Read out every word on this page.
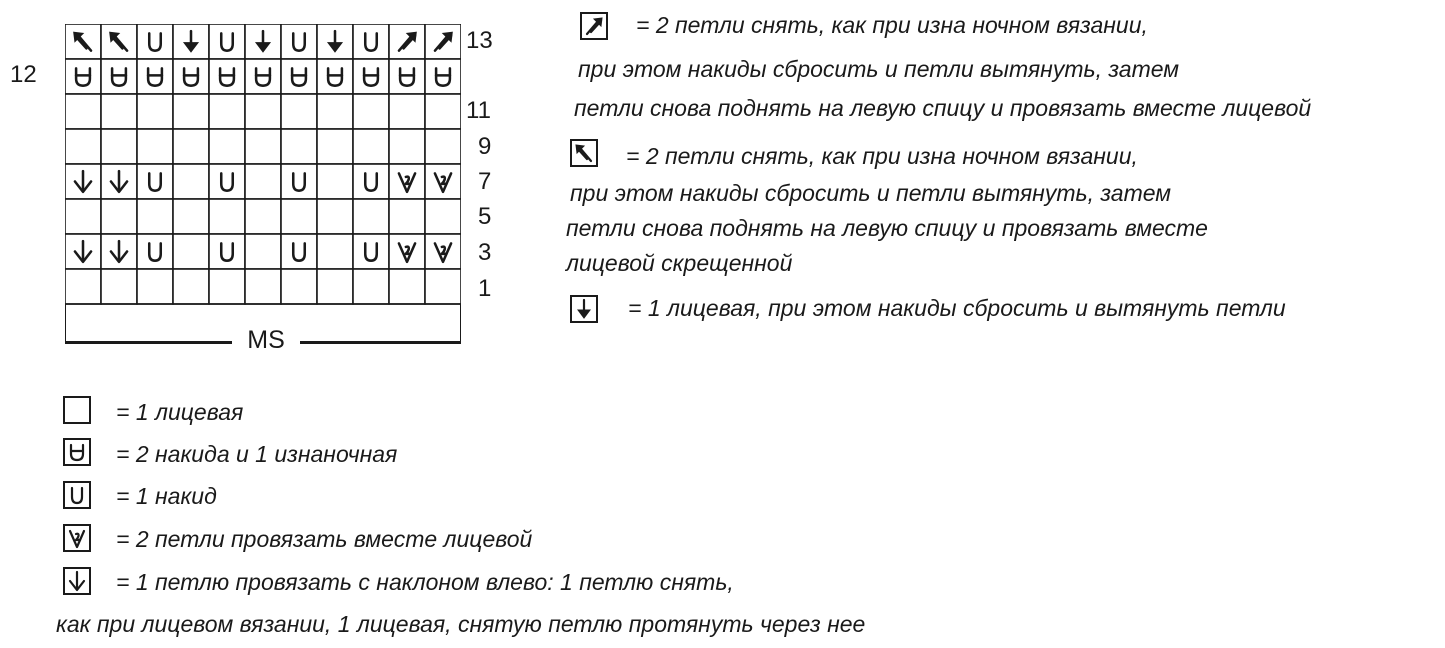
13
12
11
9
7
5
3
1
MS
= 2 петли снять, как при изна ночном вязании,
при этом накиды сбросить и петли вытянуть, затем
петли снова поднять на левую спицу и провязать вместе лицевой
= 2 петли снять, как при изна ночном вязании,
при этом накиды сбросить и петли вытянуть, затем
петли снова поднять на левую спицу и провязать вместе
лицевой скрещенной
= 1 лицевая, при этом накиды сбросить и вытянуть петли
= 1 лицевая
= 2 накида и 1 изнаночная
= 1 накид
= 2 петли провязать вместе лицевой
= 1 петлю провязать с наклоном влево: 1 петлю снять,
как при лицевом вязании, 1 лицевая, снятую петлю протянуть через нее
